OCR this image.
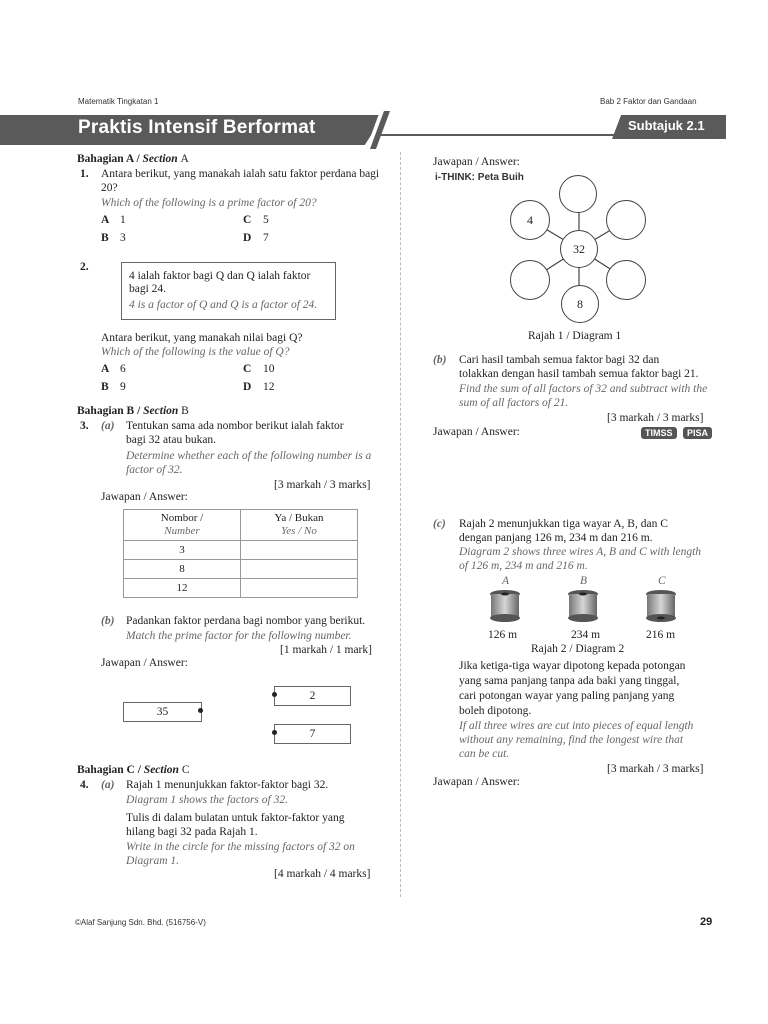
Matematik Tingkatan 1	Bab 2 Faktor dan Gandaan
Praktis Intensif Berformat	Subtajuk 2.1
Bahagian A / Section A
1. Antara berikut, yang manakah ialah satu faktor perdana bagi 20?
Which of the following is a prime factor of 20?
A 1	C 5
B 3	D 7
2.
4 ialah faktor bagi Q dan Q ialah faktor
bagi 24.
4 is a factor of Q and Q is a factor of 24.
Antara berikut, yang manakah nilai bagi Q?
Which of the following is the value of Q?
A 6	C 10
B 9	D 12
Bahagian B / Section B
3. (a) Tentukan sama ada nombor berikut ialah faktor
bagi 32 atau bukan.
Determine whether each of the following number is a
factor of 32.
[3 markah / 3 marks]
Jawapan / Answer:
Nombor /
Number	Ya / Bukan
Yes / No
3	
8	
12	
(b) Padankan faktor perdana bagi nombor yang berikut.
Match the prime factor for the following number.
[1 markah / 1 mark]
Jawapan / Answer:
35
2
7
Bahagian C / Section C
4. (a) Rajah 1 menunjukkan faktor-faktor bagi 32.
Diagram 1 shows the factors of 32.
Tulis di dalam bulatan untuk faktor-faktor yang
hilang bagi 32 pada Rajah 1.
Write in the circle for the missing factors of 32 on
Diagram 1.
[4 markah / 4 marks]
Jawapan / Answer:
i-THINK: Peta Buih
4
32
8
Rajah 1 / Diagram 1
(b) Cari hasil tambah semua faktor bagi 32 dan
tolakkan dengan hasil tambah semua faktor bagi 21.
Find the sum of all factors of 32 and subtract with the
sum of all factors of 21.
[3 markah / 3 marks]
Jawapan / Answer:	TIMSS	PISA
(c) Rajah 2 menunjukkan tiga wayar A, B, dan C
dengan panjang 126 m, 234 m dan 216 m.
Diagram 2 shows three wires A, B and C with length
of 126 m, 234 m and 216 m.
A	B	C
126 m	234 m	216 m
Rajah 2 / Diagram 2
Jika ketiga-tiga wayar dipotong kepada potongan
yang sama panjang tanpa ada baki yang tinggal,
cari potongan wayar yang paling panjang yang
boleh dipotong.
If all three wires are cut into pieces of equal length
without any remaining, find the longest wire that
can be cut.
[3 markah / 3 marks]
Jawapan / Answer:
©Alaf Sanjung Sdn. Bhd. (516756-V)	29
